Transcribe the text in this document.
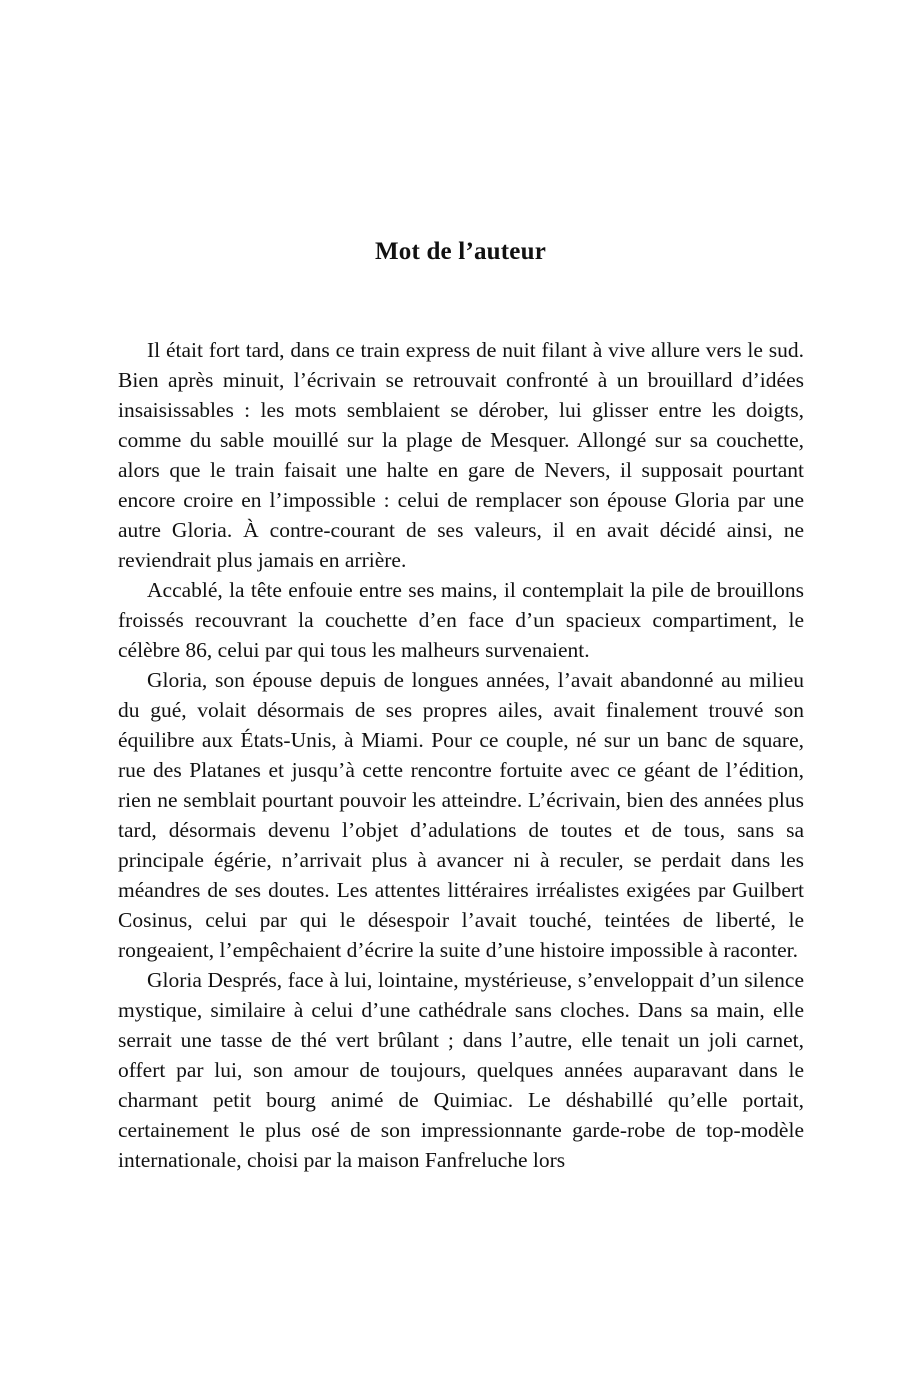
Mot de l’auteur

Il était fort tard, dans ce train express de nuit filant à vive allure vers le sud. Bien après minuit, l’écrivain se retrouvait confronté à un brouillard d’idées insaisissables : les mots semblaient se dérober, lui glisser entre les doigts, comme du sable mouillé sur la plage de Mesquer. Allongé sur sa couchette, alors que le train faisait une halte en gare de Nevers, il supposait pourtant encore croire en l’impossible : celui de remplacer son épouse Gloria par une autre Gloria. À contre-courant de ses valeurs, il en avait décidé ainsi, ne reviendrait plus jamais en arrière.

Accablé, la tête enfouie entre ses mains, il contemplait la pile de brouillons froissés recouvrant la couchette d’en face d’un spacieux compartiment, le célèbre 86, celui par qui tous les malheurs survenaient.

Gloria, son épouse depuis de longues années, l’avait abandonné au milieu du gué, volait désormais de ses propres ailes, avait finalement trouvé son équilibre aux États-Unis, à Miami. Pour ce couple, né sur un banc de square, rue des Platanes et jusqu’à cette rencontre fortuite avec ce géant de l’édition, rien ne semblait pourtant pouvoir les atteindre. L’écrivain, bien des années plus tard, désormais devenu l’objet d’adulations de toutes et de tous, sans sa principale égérie, n’arrivait plus à avancer ni à reculer, se perdait dans les méandres de ses doutes. Les attentes littéraires irréalistes exigées par Guilbert Cosinus, celui par qui le désespoir l’avait touché, teintées de liberté, le rongeaient, l’empêchaient d’écrire la suite d’une histoire impossible à raconter.

Gloria Després, face à lui, lointaine, mystérieuse, s’enveloppait d’un silence mystique, similaire à celui d’une cathédrale sans cloches. Dans sa main, elle serrait une tasse de thé vert brûlant ; dans l’autre, elle tenait un joli carnet, offert par lui, son amour de toujours, quelques années auparavant dans le charmant petit bourg animé de Quimiac. Le déshabillé qu’elle portait, certainement le plus osé de son impressionnante garde-robe de top-modèle internationale, choisi par la maison Fanfreluche lors
